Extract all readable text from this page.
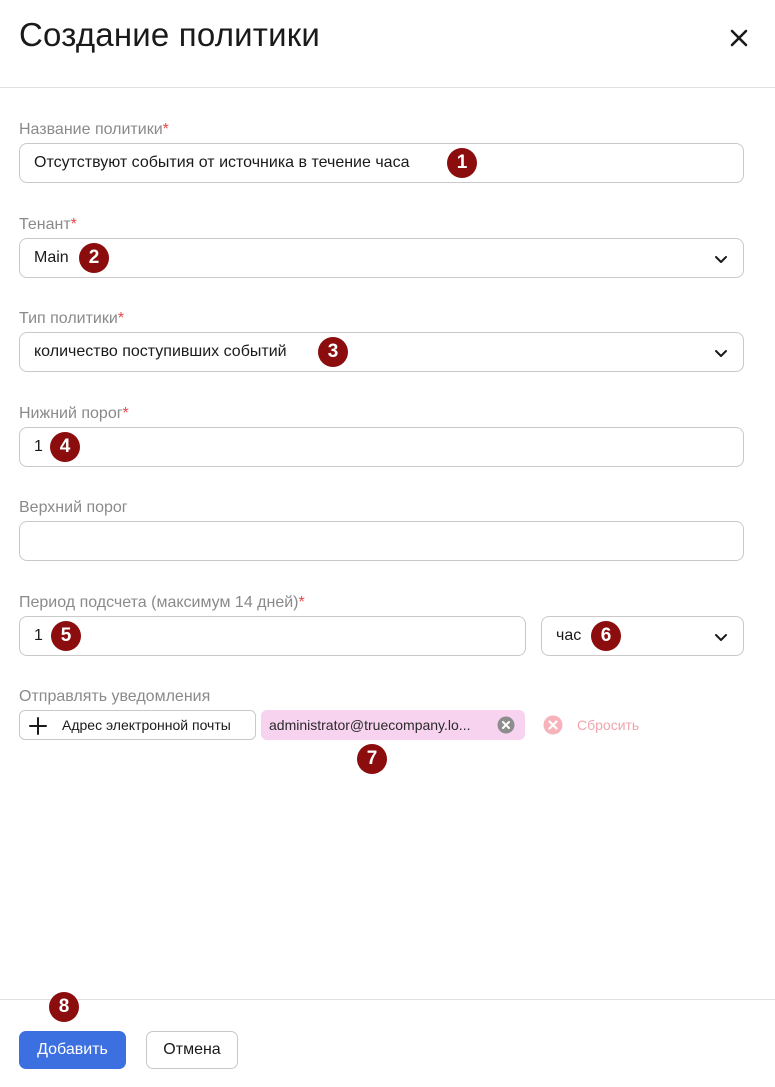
Создание политики
Название политики*
Отсутствуют события от источника в течение часа	1
Тенант*
Main	2
Тип политики*
количество поступивших событий	3
Нижний порог*
1 4
Верхний порог
Период подсчета (максимум 14 дней)*
1 5	час	6
Отправлять уведомления
Адрес электронной почты	administrator@truecompany.lo...	Сбросить
7
8
Добавить	Отмена
